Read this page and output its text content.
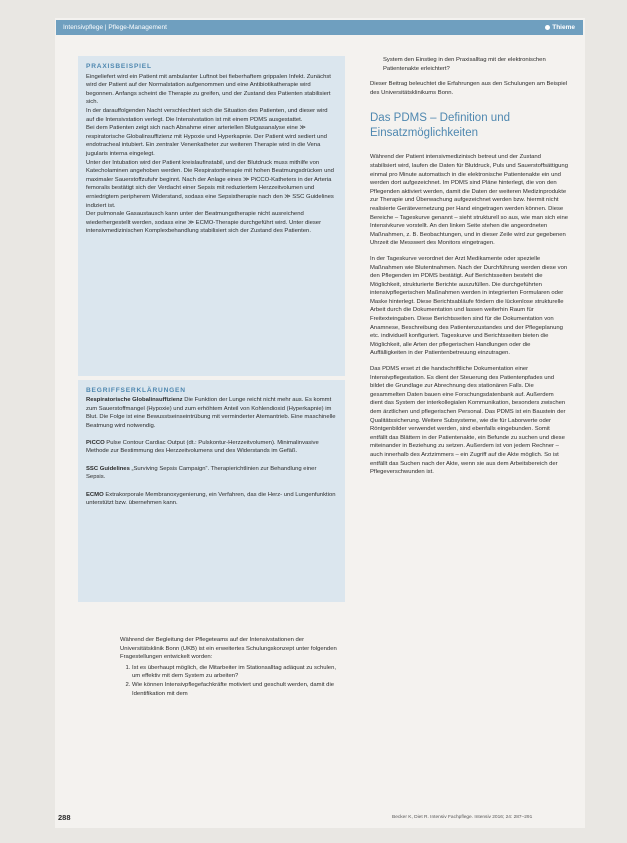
Intensivpflege | Pflege-Management	Thieme
PRAXISBEISPIEL

Eingeliefert wird ein Patient mit ambulanter Luftnot bei fieberhaftem grippalen Infekt. Zunächst wird der Patient auf der Normalstation aufgenommen und eine Antibiotikatherapie wird begonnen. Anfangs scheint die Therapie zu greifen, und der Zustand des Patienten stabilisiert sich.

In der darauffolgenden Nacht verschlechtert sich die Situation des Patienten, und dieser wird auf die Intensivstation verlegt. Die Intensivstation ist mit einem PDMS ausgestattet.

Bei dem Patienten zeigt sich nach Abnahme einer arteriellen Blutgasanalyse eine ≫ respiratorische Globalinsuffizienz mit Hypoxie und Hyperkapnie. Der Patient wird sediert und endotracheal intubiert. Ein zentraler Venenkatheter zur weiteren Therapie wird in die Vena jugularis interna eingelegt.

Unter der Intubation wird der Patient kreislaufinstabil, und der Blutdruck muss mithilfe von Katecholaminen angehoben werden. Die Respiratortherapie mit hohen Beatmungsdrücken und maximaler Sauerstoffzufuhr beginnt. Nach der Anlage eines ≫ PiCCO-Katheters in der Arteria femoralis bestätigt sich der Verdacht einer Sepsis mit reduziertem Herzzeitvolumen und erniedrigtem peripherem Widerstand, sodass eine Sepsistherapie nach den ≫ SSC Guidelines indiziert ist.

Der pulmonale Gasaustausch kann unter der Beatmungstherapie nicht ausreichend wiederhergestellt werden, sodass eine ≫ ECMO-Therapie durchgeführt wird. Unter dieser intensivmedizinischen Komplexbehandlung stabilisiert sich der Zustand des Patienten.

BEGRIFFSERKLÄRUNGEN

Respiratorische Globalinsuffizienz Die Funktion der Lunge reicht nicht mehr aus. Es kommt zum Sauerstoffmangel (Hypoxie) und zum erhöhtem Anteil von Kohlendioxid (Hyperkapnie) im Blut. Die Folge ist eine Bewusstseinseintrübung mit verminderter Atemantrieb. Eine maschinelle Beatmung wird notwendig.

PiCCO Pulse Contour Cardiac Output (dt.: Pulskontur-Herzzeitvolumen). Minimalinvasive Methode zur Bestimmung des Herzzeitvolumens und des Widerstands im Gefäß.

SSC Guidelines „Surviving Sepsis Campaign“. Therapierichtlinien zur Behandlung einer Sepsis.

ECMO Extrakorporale Membranoxygenierung, ein Verfahren, das die Herz- und Lungenfunktion unterstützt bzw. übernehmen kann.

Während der Begleitung der Pflegeteams auf der Intensivstationen der Universitätsklinik Bonn (UKB) ist ein erweitertes Schulungskonzept unter folgenden Fragestellungen entwickelt worden:

1. Ist es überhaupt möglich, die Mitarbeiter im Stationsalltag adäquat zu schulen, um effektiv mit dem System zu arbeiten?
2. Wie können Intensivpflegefachkräfte motiviert und geschult werden, damit die Identifikation mit dem

System den Einstieg in den Praxisalltag mit der elektronischen Patientenakte erleichtert?

Dieser Beitrag beleuchtet die Erfahrungen aus den Schulungen am Beispiel des Universitätsklinikums Bonn.

Das PDMS – Definition und Einsatzmöglichkeiten

Während der Patient intensivmedizinisch betreut und der Zustand stabilisiert wird, laufen die Daten für Blutdruck, Puls und Sauerstoffsättigung einmal pro Minute automatisch in die elektronische Patientenakte ein und werden dort aufgezeichnet. Im PDMS sind Pläne hinterlegt, die von den Pflegenden aktiviert werden, damit die Daten der weiteren Medizinprodukte zur Therapie und Überwachung aufgezeichnet werden bzw. hiermit nicht realisierte Gerätevernetzung per Hand eingetragen werden können. Diese Bereiche – Tageskurve genannt – sieht strukturell so aus, wie man sich eine Intensivkurve vorstellt. An den linken Seite stehen die angeordneten Maßnahmen, z. B. Beobachtungen, und in dieser Zeile wird zur gegebenen Uhrzeit die Messwert des Monitors eingetragen.

In der Tageskurve verordnet der Arzt Medikamente oder spezielle Maßnahmen wie Blutentnahmen. Nach der Durchführung werden diese von den Pflegenden im PDMS bestätigt. Auf Berichtsseiten besteht die Möglichkeit, strukturierte Berichte auszufüllen. Die durchgeführten intensivpflegerischen Maßnahmen werden in integrierten Formularen oder Maske hinterlegt. Diese Berichtsabläufe fördern die lückenlose strukturelle Arbeit durch die Dokumentation und lassen weiterhin Raum für Freitexteingaben. Diese Berichtsseiten sind für die Dokumentation von Anamnese, Beschreibung des Patientenzustandes und der Pflegeplanung etc. individuell konfiguriert. Tageskurve und Berichtsseiten bieten die Möglichkeit, alle Arten der pflegerischen Handlungen oder die Auffälligkeiten in der Patientenbetreuung einzutragen.

Das PDMS erset zt die handschriftliche Dokumentation einer Intensivpflegestation. Es dient der Steuerung des Patientenpfades und bildet die Grundlage zur Abrechnung des stationären Falls. Die gesammelten Daten bauen eine Forschungsdatenbank auf. Außerdem dient das System der interkollegialen Kommunikation, besonders zwischen dem ärztlichen und pflegerischen Personal. Das PDMS ist ein Baustein der Qualitätssicherung. Weitere Subsysteme, wie die für Laborwerte oder Röntgenbilder verwendet werden, sind ebenfalls eingebunden. Somit entfällt das Blättern in der Patientenakte, ein Befunde zu suchen und diese miteinander in Beziehung zu setzen. Außerdem ist von jedem Rechner – auch innerhalb des Arztzimmers – ein Zugriff auf die Akte möglich. So ist entfällt das Suchen nach der Akte, wenn sie aus dem Arbeitsbereich der Pflegeverschwunden ist.

288	Becker K, Diet R. Intensiv Fachpflege. Intensiv 2016; 24: 287–291
